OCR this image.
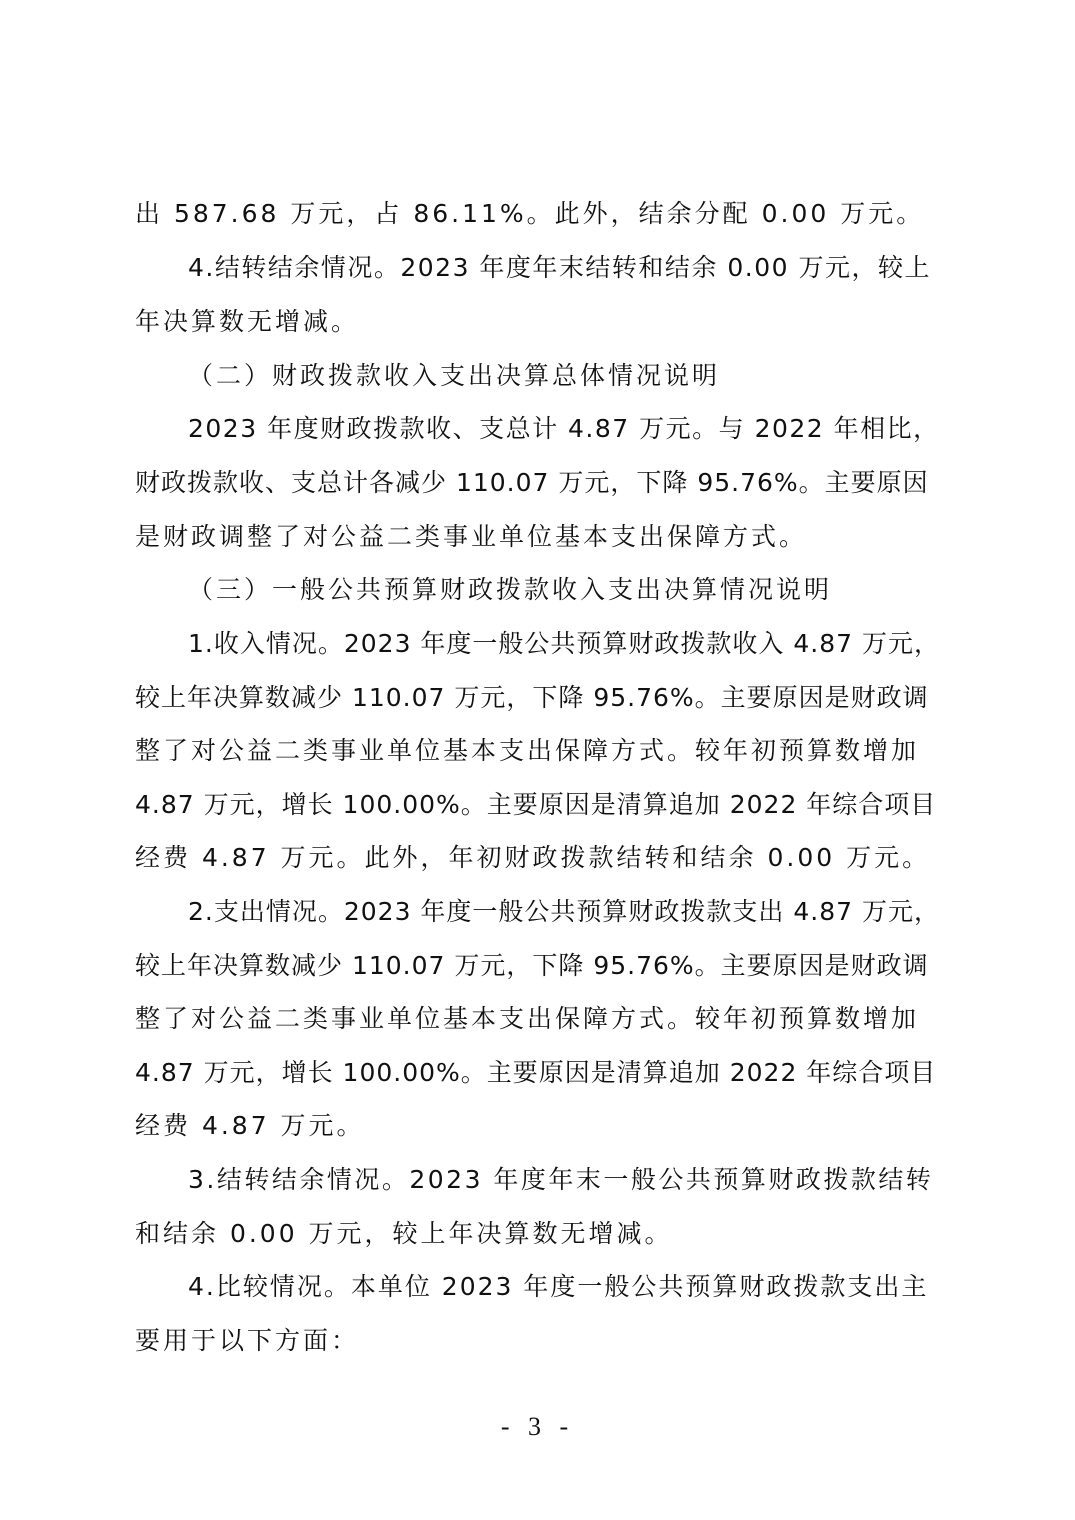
出 587.68 万元，占 86.11%。此外，结余分配 0.00 万元。
4.结转结余情况。2023 年度年末结转和结余 0.00 万元，较上
年决算数无增减。
（二）财政拨款收入支出决算总体情况说明
2023 年度财政拨款收、支总计 4.87 万元。与 2022 年相比，
财政拨款收、支总计各减少 110.07 万元，下降 95.76%。主要原因
是财政调整了对公益二类事业单位基本支出保障方式。
（三）一般公共预算财政拨款收入支出决算情况说明
1.收入情况。2023 年度一般公共预算财政拨款收入 4.87 万元，
较上年决算数减少 110.07 万元，下降 95.76%。主要原因是财政调
整了对公益二类事业单位基本支出保障方式。较年初预算数增加
4.87 万元，增长 100.00%。主要原因是清算追加 2022 年综合项目
经费 4.87 万元。此外，年初财政拨款结转和结余 0.00 万元。
2.支出情况。2023 年度一般公共预算财政拨款支出 4.87 万元，
较上年决算数减少 110.07 万元，下降 95.76%。主要原因是财政调
整了对公益二类事业单位基本支出保障方式。较年初预算数增加
4.87 万元，增长 100.00%。主要原因是清算追加 2022 年综合项目
经费 4.87 万元。
3.结转结余情况。2023 年度年末一般公共预算财政拨款结转
和结余 0.00 万元，较上年决算数无增减。
4.比较情况。本单位 2023 年度一般公共预算财政拨款支出主
要用于以下方面：
- 3 -
